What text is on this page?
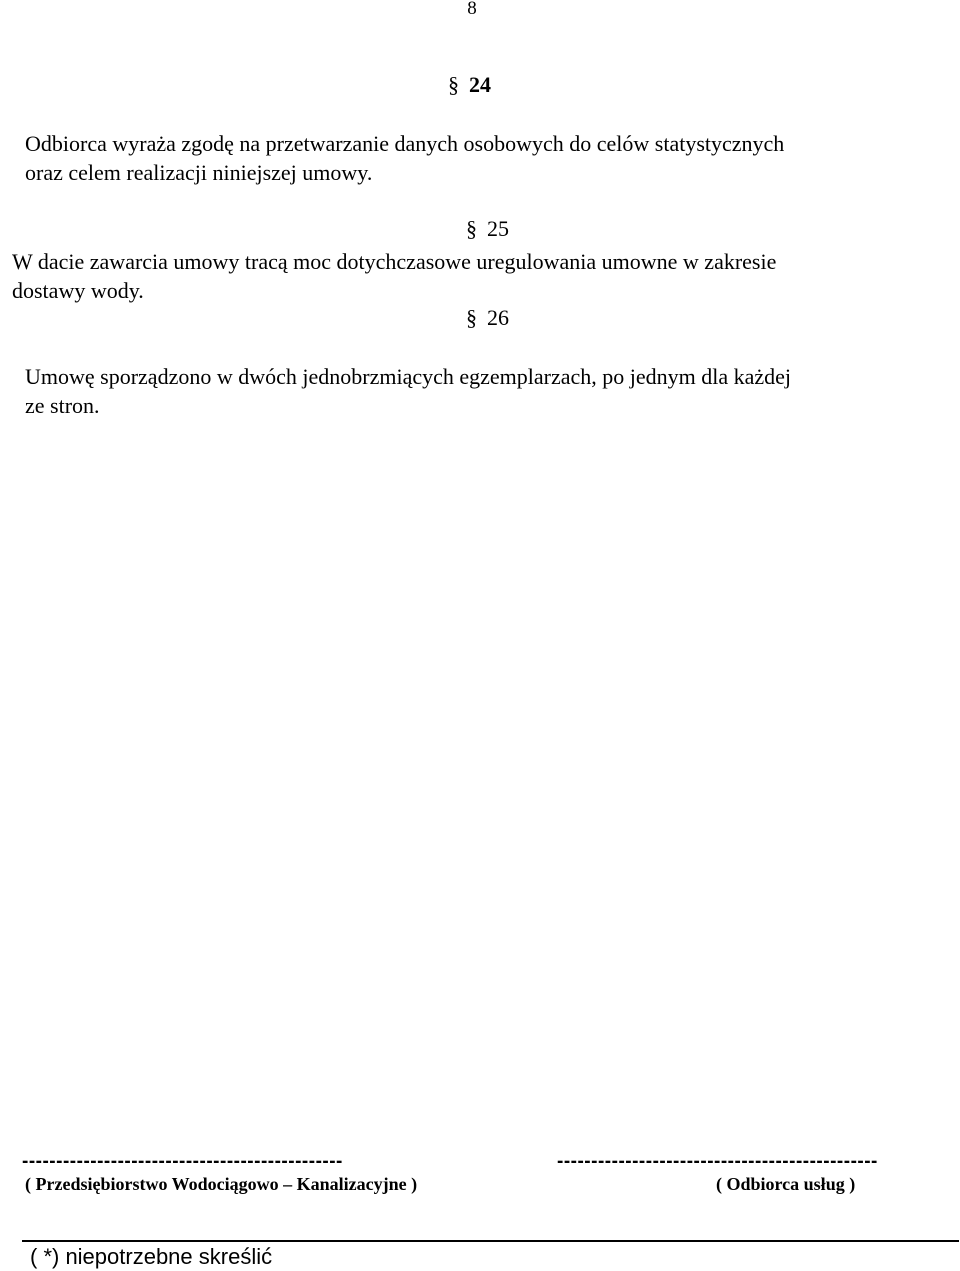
8
§ 24
Odbiorca wyraża zgodę na przetwarzanie danych osobowych do celów statystycznych
oraz celem realizacji niniejszej umowy.
§ 25
W dacie zawarcia umowy tracą moc dotychczasowe uregulowania umowne w zakresie
dostawy wody.
§ 26
Umowę sporządzono w dwóch jednobrzmiących egzemplarzach, po jednym dla każdej
ze stron.
-----------------------------------------------
( Przedsiębiorstwo Wodociągowo – Kanalizacyjne )
-----------------------------------------------
( Odbiorca usług )
( *) niepotrzebne skreślić
